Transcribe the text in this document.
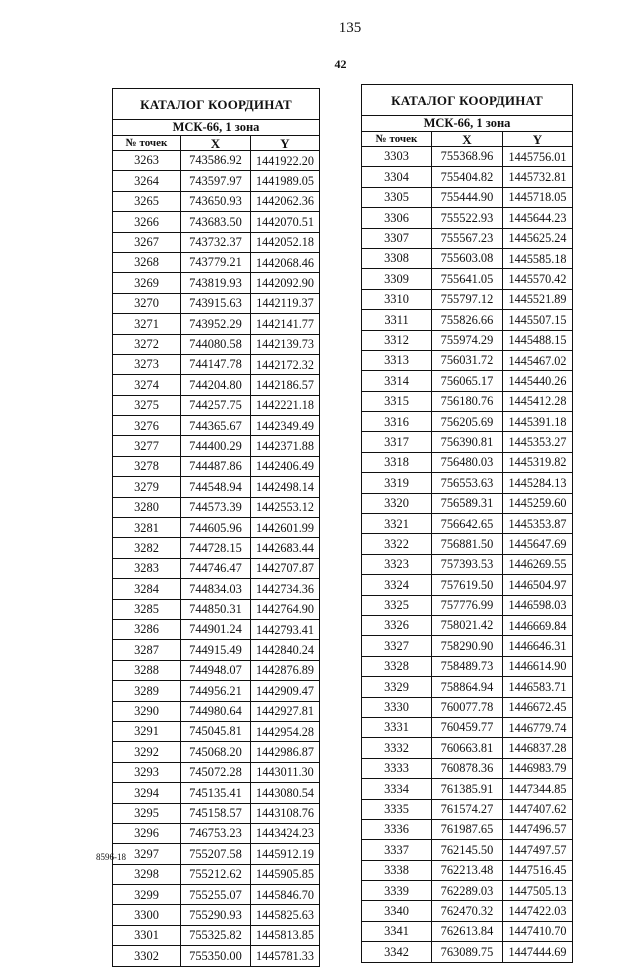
135
42
КАТАЛОГ КООРДИНАТ		
МСК-66, 1 зона		
№ точек	X	Y
3263	743586.92	1441922.20
3264	743597.97	1441989.05
3265	743650.93	1442062.36
3266	743683.50	1442070.51
3267	743732.37	1442052.18
3268	743779.21	1442068.46
3269	743819.93	1442092.90
3270	743915.63	1442119.37
3271	743952.29	1442141.77
3272	744080.58	1442139.73
3273	744147.78	1442172.32
3274	744204.80	1442186.57
3275	744257.75	1442221.18
3276	744365.67	1442349.49
3277	744400.29	1442371.88
3278	744487.86	1442406.49
3279	744548.94	1442498.14
3280	744573.39	1442553.12
3281	744605.96	1442601.99
3282	744728.15	1442683.44
3283	744746.47	1442707.87
3284	744834.03	1442734.36
3285	744850.31	1442764.90
3286	744901.24	1442793.41
3287	744915.49	1442840.24
3288	744948.07	1442876.89
3289	744956.21	1442909.47
3290	744980.64	1442927.81
3291	745045.81	1442954.28
3292	745068.20	1442986.87
3293	745072.28	1443011.30
3294	745135.41	1443080.54
3295	745158.57	1443108.76
3296	746753.23	1443424.23
3297	755207.58	1445912.19
3298	755212.62	1445905.85
3299	755255.07	1445846.70
3300	755290.93	1445825.63
3301	755325.82	1445813.85
3302	755350.00	1445781.33
КАТАЛОГ КООРДИНАТ		
МСК-66, 1 зона		
№ точек	X	Y
3303	755368.96	1445756.01
3304	755404.82	1445732.81
3305	755444.90	1445718.05
3306	755522.93	1445644.23
3307	755567.23	1445625.24
3308	755603.08	1445585.18
3309	755641.05	1445570.42
3310	755797.12	1445521.89
3311	755826.66	1445507.15
3312	755974.29	1445488.15
3313	756031.72	1445467.02
3314	756065.17	1445440.26
3315	756180.76	1445412.28
3316	756205.69	1445391.18
3317	756390.81	1445353.27
3318	756480.03	1445319.82
3319	756553.63	1445284.13
3320	756589.31	1445259.60
3321	756642.65	1445353.87
3322	756881.50	1445647.69
3323	757393.53	1446269.55
3324	757619.50	1446504.97
3325	757776.99	1446598.03
3326	758021.42	1446669.84
3327	758290.90	1446646.31
3328	758489.73	1446614.90
3329	758864.94	1446583.71
3330	760077.78	1446672.45
3331	760459.77	1446779.74
3332	760663.81	1446837.28
3333	760878.36	1446983.79
3334	761385.91	1447344.85
3335	761574.27	1447407.62
3336	761987.65	1447496.57
3337	762145.50	1447497.57
3338	762213.48	1447516.45
3339	762289.03	1447505.13
3340	762470.32	1447422.03
3341	762613.84	1447410.70
3342	763089.75	1447444.69
8596-18
